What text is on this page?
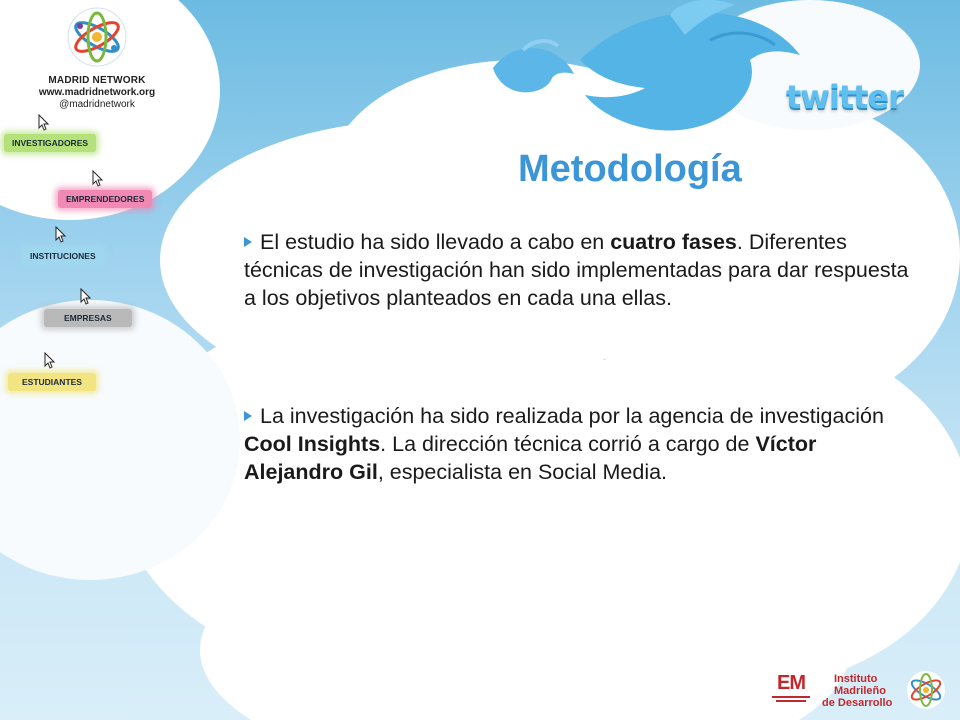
twitter
MADRID NETWORK
www.madridnetwork.org
@madridnetwork
INVESTIGADORES
EMPRENDEDORES
INSTITUCIONES
EMPRESAS
ESTUDIANTES
Metodología
El estudio ha sido llevado a cabo en cuatro fases. Diferentes técnicas de investigación han sido implementadas para dar respuesta a los objetivos planteados en cada una ellas.
La investigación ha sido realizada por la agencia de investigación Cool Insights. La dirección técnica corrió a cargo de Víctor Alejandro Gil, especialista en Social Media.
EM	Instituto
Madrileño
de Desarrollo
